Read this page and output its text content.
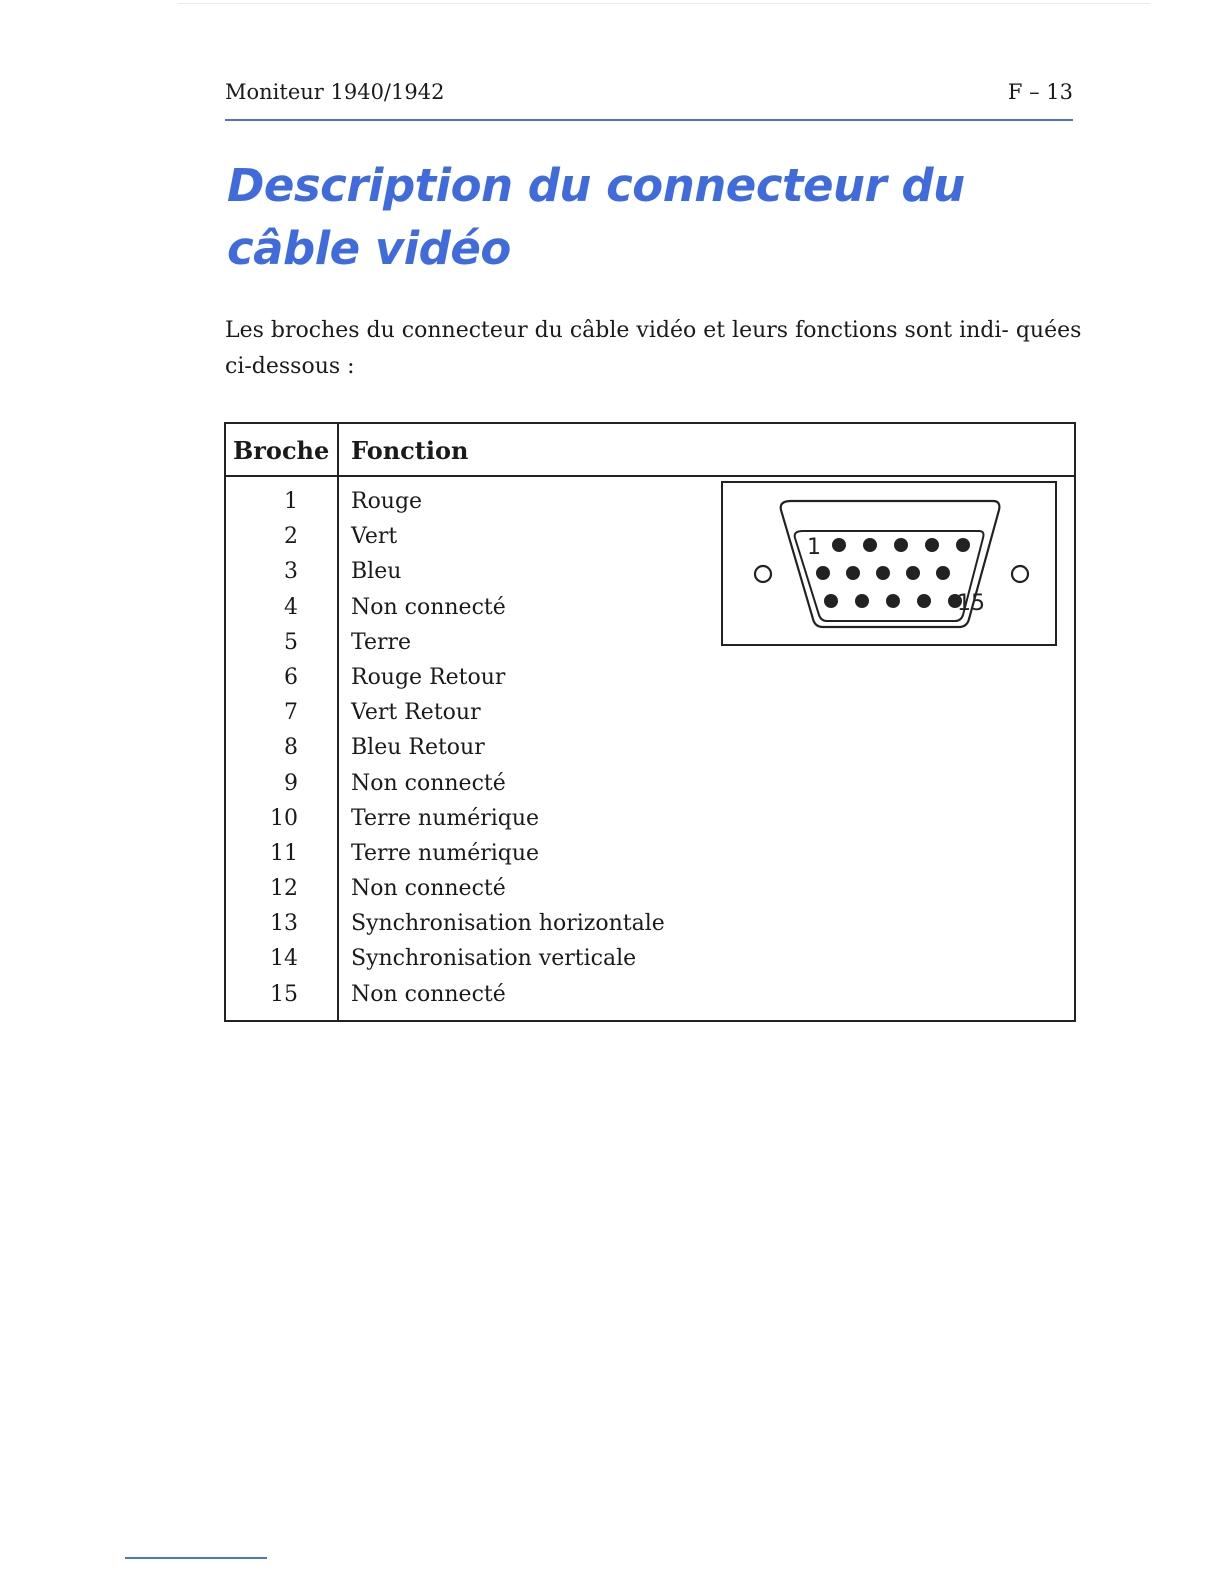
Moniteur 1940/1942	F – 13
Description du connecteur du câble vidéo

Les broches du connecteur du câble vidéo et leurs fonctions sont indi- quées ci-dessous :

Broche Fonction
1 Rouge
2 Vert
3 Bleu
4 Non connecté
5 Terre
6 Rouge Retour
7 Vert Retour
8 Bleu Retour
9 Non connecté
10 Terre numérique
11 Terre numérique
12 Non connecté
13 Synchronisation horizontale
14 Synchronisation verticale
15 Non connecté
1
15
